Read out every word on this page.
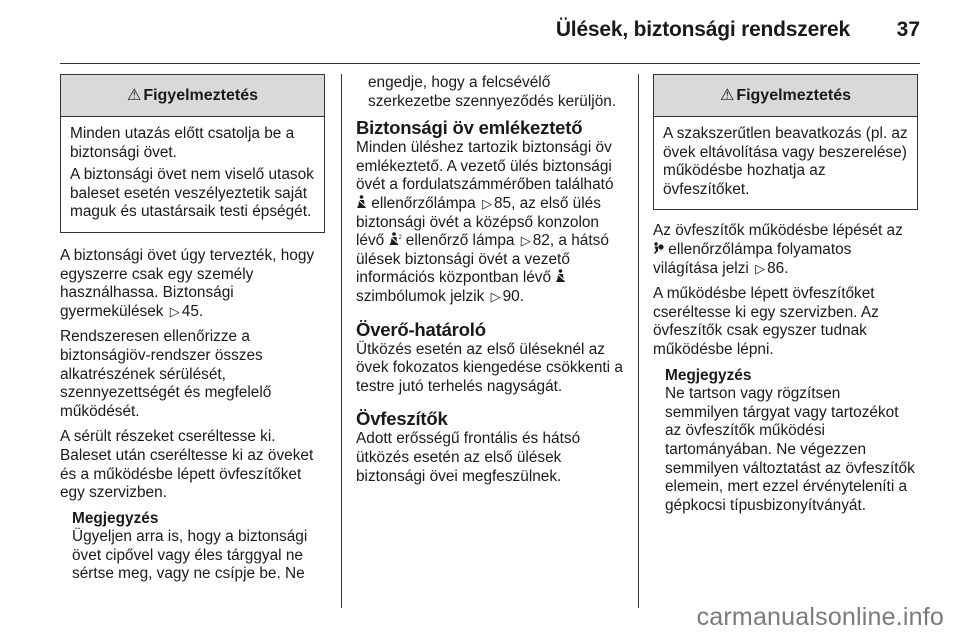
Ülések, biztonsági rendszerek 37
⚠ Figyelmeztetés

Minden utazás előtt csatolja be a biztonsági övet.

A biztonsági övet nem viselő utasok baleset esetén veszélyeztetik saját maguk és utastársaik testi épségét.

A biztonsági övet úgy tervezték, hogy egyszerre csak egy személy használhassa. Biztonsági gyermekülések ▷ 45.

Rendszeresen ellenőrizze a biztonságiöv-rendszer összes alkatrészének sérülését, szennyezettségét és megfelelő működését.

A sérült részeket cseréltesse ki. Baleset után cseréltesse ki az öveket és a működésbe lépett övfeszítőket egy szervizben.

Megjegyzés
Ügyeljen arra is, hogy a biztonsági övet cipővel vagy éles tárggyal ne sértse meg, vagy ne csípje be. Ne
engedje, hogy a felcsévélő szerkezetbe szennyeződés kerüljön.
Biztonsági öv emlékeztető

Minden üléshez tartozik biztonsági öv emlékeztető. A vezető ülés biztonsági övét a fordulatszámmérőben található  ellenőrzőlámpa ▷ 85, az első ülés biztonsági övét a középső konzolon lévő 2 ellenőrző lámpa ▷ 82, a hátsó ülések biztonsági övét a vezető információs központban lévő  szimbólumok jelzik ▷ 90.

Överő-határoló

Ütközés esetén az első üléseknél az övek fokozatos kiengedése csökkenti a testre jutó terhelés nagyságát.

Övfeszítők

Adott erősségű frontális és hátsó ütközés esetén az első ülések biztonsági övei megfeszülnek.

⚠ Figyelmeztetés

A szakszerűtlen beavatkozás (pl. az övek eltávolítása vagy beszerelése) működésbe hozhatja az övfeszítőket.

Az övfeszítők működésbe lépését az  ellenőrzőlámpa folyamatos világítása jelzi ▷ 86.

A működésbe lépett övfeszítőket cseréltesse ki egy szervizben. Az övfeszítők csak egyszer tudnak működésbe lépni.

Megjegyzés
Ne tartson vagy rögzítsen semmilyen tárgyat vagy tartozékot az övfeszítők működési tartományában. Ne végezzen semmilyen változtatást az övfeszítők elemein, mert ezzel érvényteleníti a gépkocsi típusbizonyítványát.
carmanualsonline.info
